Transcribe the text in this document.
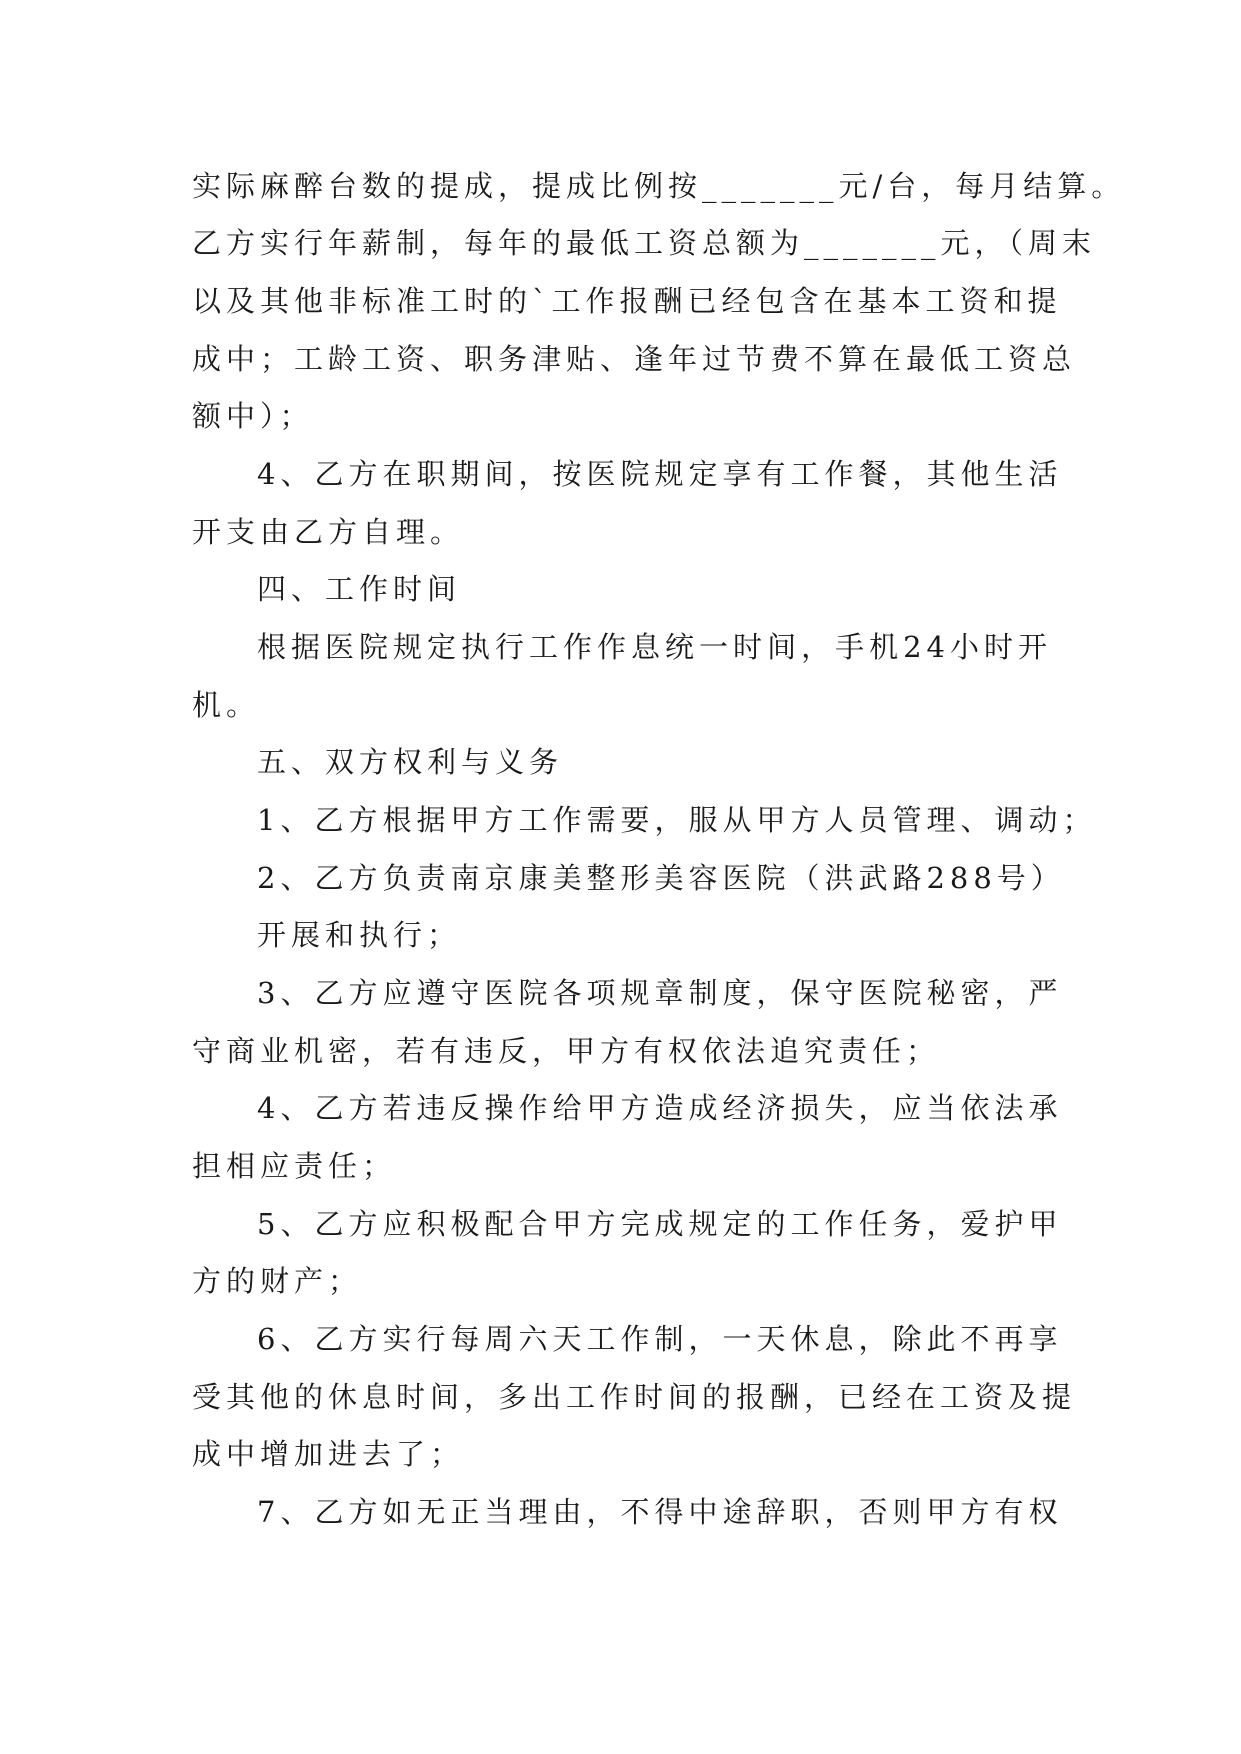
实际麻醉台数的提成，提成比例按_______元/台，每月结算。
乙方实行年薪制，每年的最低工资总额为_______元，（周末
以及其他非标准工时的`工作报酬已经包含在基本工资和提
成中；工龄工资、职务津贴、逢年过节费不算在最低工资总
额中）；
4、乙方在职期间，按医院规定享有工作餐，其他生活
开支由乙方自理。
四、工作时间
根据医院规定执行工作作息统一时间，手机24小时开
机。
五、双方权利与义务
1、乙方根据甲方工作需要，服从甲方人员管理、调动；
2、乙方负责南京康美整形美容医院（洪武路288号）
开展和执行；
3、乙方应遵守医院各项规章制度，保守医院秘密，严
守商业机密，若有违反，甲方有权依法追究责任；
4、乙方若违反操作给甲方造成经济损失，应当依法承
担相应责任；
5、乙方应积极配合甲方完成规定的工作任务，爱护甲
方的财产；
6、乙方实行每周六天工作制，一天休息，除此不再享
受其他的休息时间，多出工作时间的报酬，已经在工资及提
成中增加进去了；
7、乙方如无正当理由，不得中途辞职，否则甲方有权
